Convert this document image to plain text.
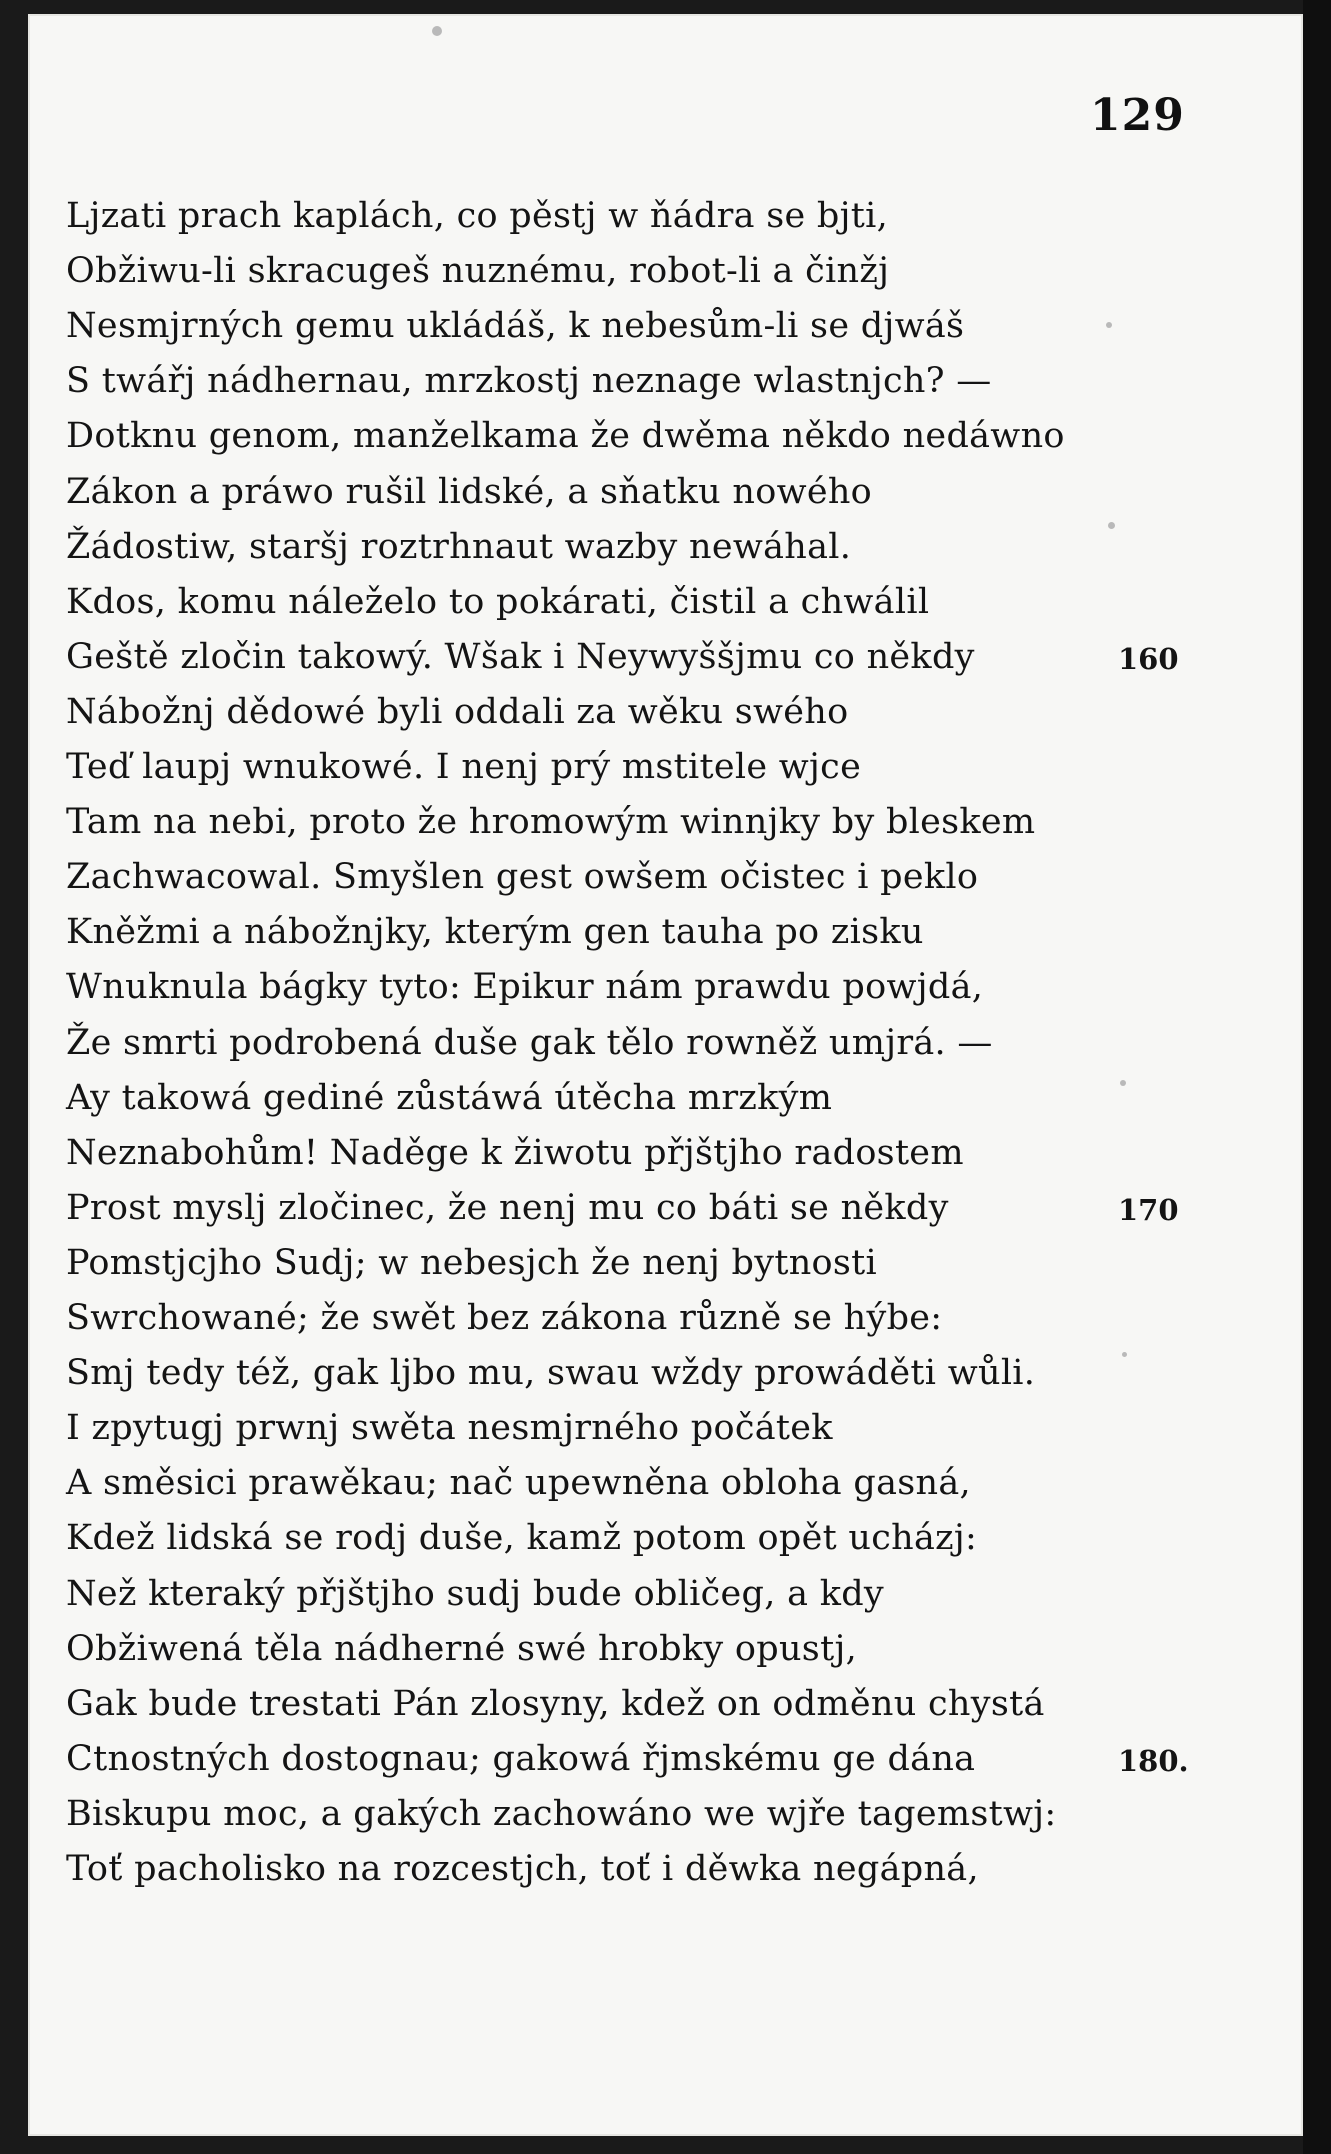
129
Ljzati prach kaplách, co pěstj w ňádra se bjti,
Obžiwu-li skracugeš nuznému, robot-li a činžj
Nesmjrných gemu ukládáš, k nebesům-li se djwáš
S twářj nádhernau, mrzkostj neznage wlastnjch? —
Dotknu genom, manželkama že dwěma někdo nedáwno
Zákon a práwo rušil lidské, a sňatku nowého
Žádostiw, staršj roztrhnaut wazby newáhal.
Kdos, komu náleželo to pokárati, čistil a chwálil
Geště zločin takowý. Wšak i Neywyššjmu co někdy
Nábožnj dědowé byli oddali za wěku swého
Teď laupj wnukowé. I nenj prý mstitele wjce
Tam na nebi, proto že hromowým winnjky by bleskem
Zachwacowal. Smyšlen gest owšem očistec i peklo
Kněžmi a nábožnjky, kterým gen tauha po zisku
Wnuknula bágky tyto: Epikur nám prawdu powjdá,
Že smrti podrobená duše gak tělo rowněž umjrá. —
Ay takowá gediné zůstáwá útěcha mrzkým
Neznabohům! Naděge k žiwotu přjštjho radostem
Prost myslj zločinec, že nenj mu co báti se někdy
Pomstjcjho Sudj; w nebesjch že nenj bytnosti
Swrchowané; že swět bez zákona různě se hýbe:
Smj tedy též, gak ljbo mu, swau wždy prowáděti wůli.
I zpytugj prwnj swěta nesmjrného počátek
A směsici prawěkau; nač upewněna obloha gasná,
Kdež lidská se rodj duše, kamž potom opět ucházj:
Než kteraký přjštjho sudj bude obličeg, a kdy
Obžiwená těla nádherné swé hrobky opustj,
Gak bude trestati Pán zlosyny, kdež on odměnu chystá
Ctnostných dostognau; gakowá řjmskému ge dána
Biskupu moc, a gakých zachowáno we wjře tagemstwj:
Toť pacholisko na rozcestjch, toť i děwka negápná,
160
170
180.
